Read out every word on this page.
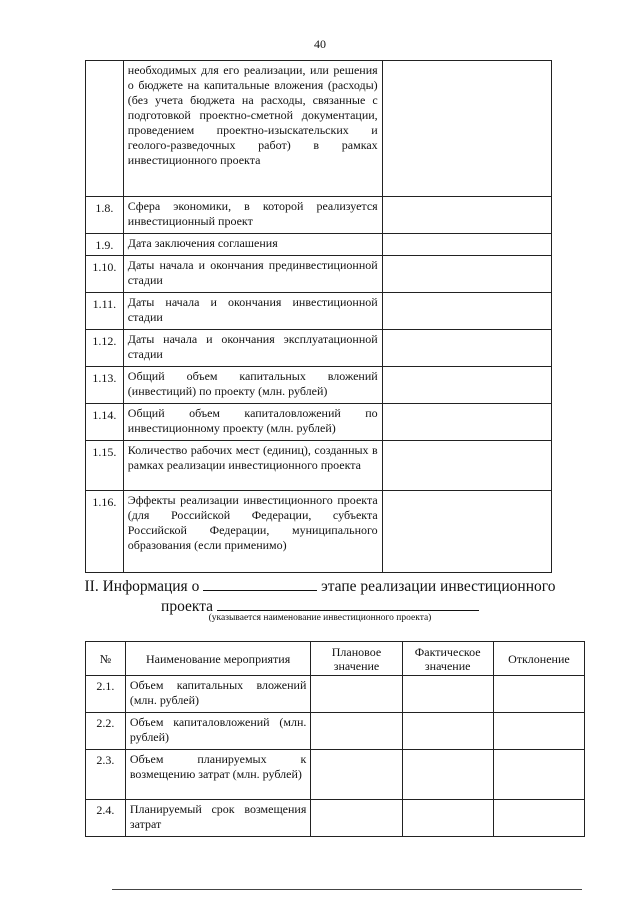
40
	необходимых для его реализации, или решения о бюджете на капитальные вложения (расходы) (без учета бюджета на расходы, связанные с подготовкой проектно-сметной документации, проведением проектно-изыскательских и геолого-разведочных работ) в рамках инвестиционного проекта	
1.8.	Сфера экономики, в которой реализуется инвестиционный проект	
1.9.	Дата заключения соглашения	
1.10.	Даты начала и окончания прединвестиционной стадии	
1.11.	Даты начала и окончания инвестиционной стадии	
1.12.	Даты начала и окончания эксплуатационной стадии	
1.13.	Общий объем капитальных вложений (инвестиций) по проекту (млн. рублей)	
1.14.	Общий объем капиталовложений по инвестиционному проекту (млн. рублей)	
1.15.	Количество рабочих мест (единиц), созданных в рамках реализации инвестиционного проекта	
1.16.	Эффекты реализации инвестиционного проекта (для Российской Федерации, субъекта Российской Федерации, муниципального образования (если применимо)	
II. Информация о	этапе реализации инвестиционного
проекта
(указывается наименование инвестиционного проекта)
№	Наименование мероприятия	Плановое значение	Фактическое значение	Отклонение
2.1.	Объем капитальных вложений (млн. рублей)			
2.2.	Объем капиталовложений (млн. рублей)			
2.3.	Объем планируемых к возмещению затрат (млн. рублей)			
2.4.	Планируемый срок возмещения затрат			
